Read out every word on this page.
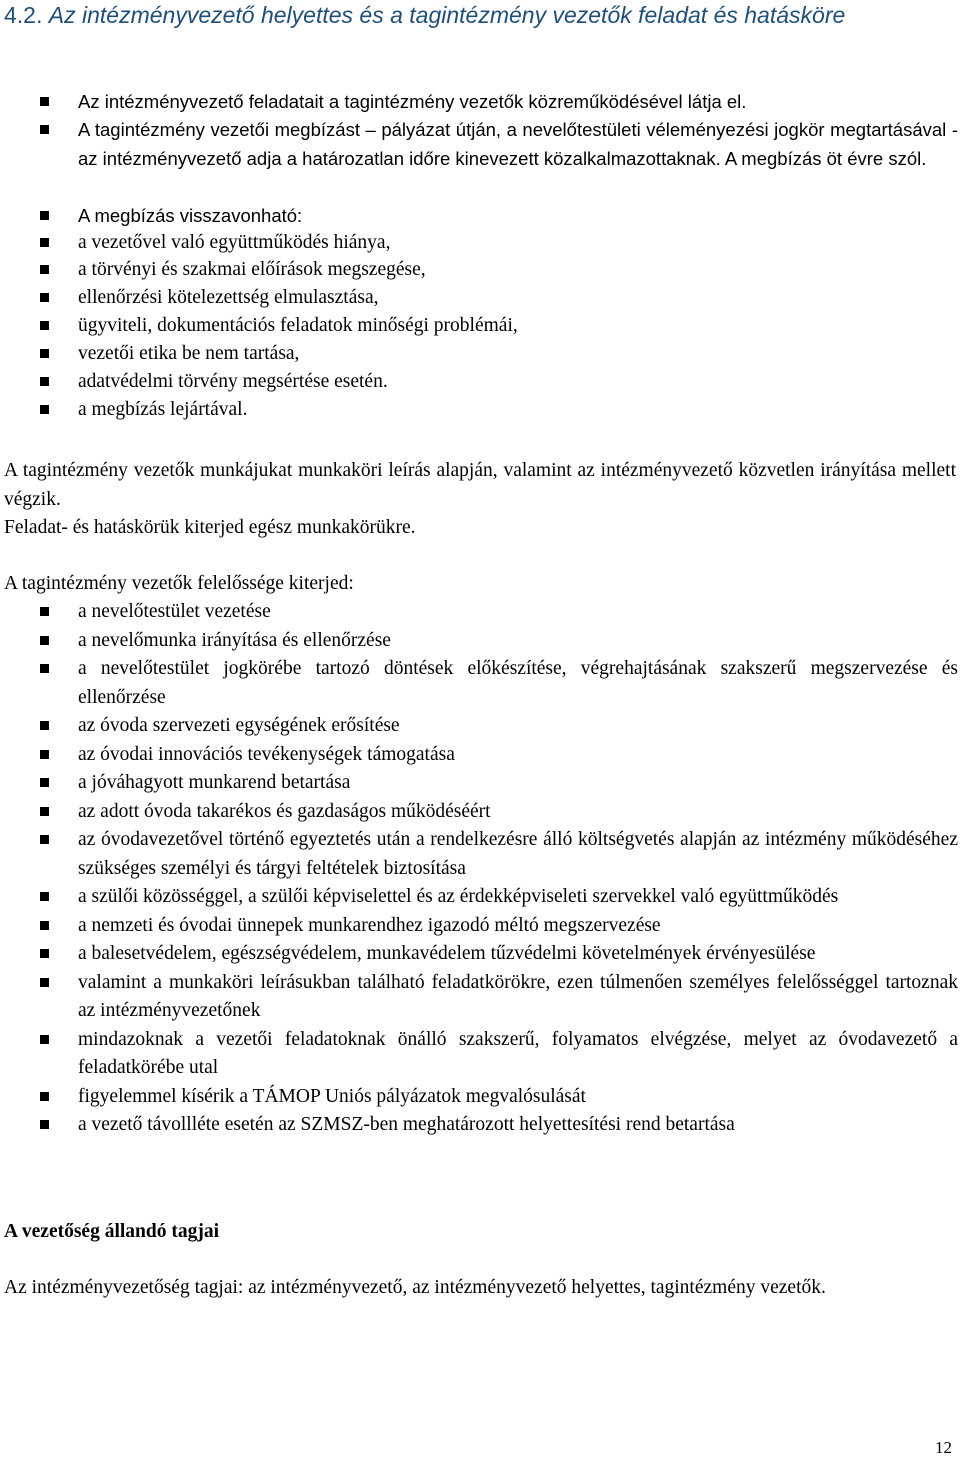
4.2. Az intézményvezető helyettes és a tagintézmény vezetők feladat és hatásköre
Az intézményvezető feladatait a tagintézmény vezetők közreműködésével látja el.
A tagintézmény vezetői megbízást – pályázat útján, a nevelőtestületi véleményezési jogkör megtartásával - az intézményvezető adja a határozatlan időre kinevezett közalkalmazottaknak. A megbízás öt évre szól.
A megbízás visszavonható:
a vezetővel való együttműködés hiánya,
a törvényi és szakmai előírások megszegése,
ellenőrzési kötelezettség elmulasztása,
ügyviteli, dokumentációs feladatok minőségi problémái,
vezetői etika be nem tartása,
adatvédelmi törvény megsértése esetén.
a megbízás lejártával.

A tagintézmény vezetők munkájukat munkaköri leírás alapján, valamint az intézményvezető közvetlen irányítása mellett végzik.

Feladat- és hatáskörük kiterjed egész munkakörükre.

A tagintézmény vezetők felelőssége kiterjed:

a nevelőtestület vezetése
a nevelőmunka irányítása és ellenőrzése
a nevelőtestület jogkörébe tartozó döntések előkészítése, végrehajtásának szakszerű megszervezése és ellenőrzése
az óvoda szervezeti egységének erősítése
az óvodai innovációs tevékenységek támogatása
a jóváhagyott munkarend betartása
az adott óvoda takarékos és gazdaságos működéséért
az óvodavezetővel történő egyeztetés után a rendelkezésre álló költségvetés alapján az intézmény működéséhez szükséges személyi és tárgyi feltételek biztosítása
a szülői közösséggel, a szülői képviselettel és az érdekképviseleti szervekkel való együttműködés
a nemzeti és óvodai ünnepek munkarendhez igazodó méltó megszervezése
a balesetvédelem, egészségvédelem, munkavédelem tűzvédelmi követelmények érvényesülése
valamint a munkaköri leírásukban található feladatkörökre, ezen túlmenően személyes felelősséggel tartoznak az intézményvezetőnek
mindazoknak a vezetői feladatoknak önálló szakszerű, folyamatos elvégzése, melyet az óvodavezető a feladatkörébe utal
figyelemmel kísérik a TÁMOP Uniós pályázatok megvalósulását
a vezető távollléte esetén az SZMSZ-ben meghatározott helyettesítési rend betartása

A vezetőség állandó tagjai

Az intézményvezetőség tagjai: az intézményvezető, az intézményvezető helyettes, tagintézmény vezetők.

12
